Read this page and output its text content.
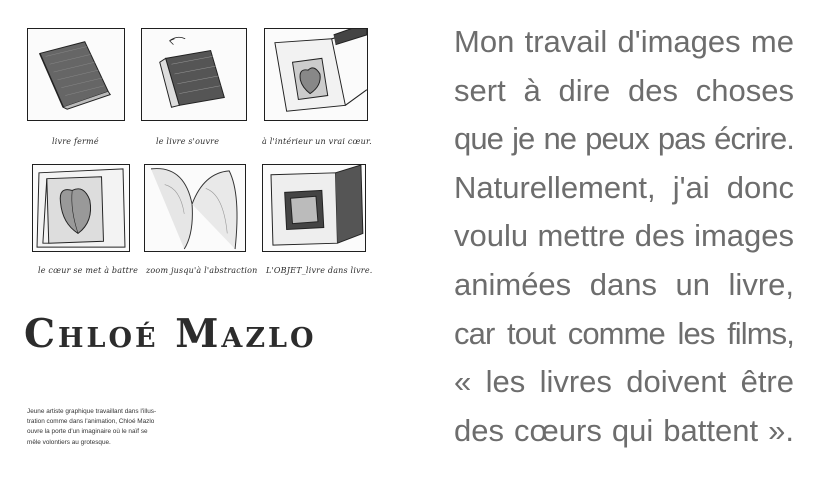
livre fermé	le livre s'ouvre	à l'intérieur un vrai cœur.
le cœur se met à battre zoom jusqu'à l'abstraction L'OBJET_livre dans livre.
Chloé Mazlo
Jeune artiste graphique travaillant dans l'illus-
tration comme dans l'animation, Chloé Mazlo
ouvre la porte d'un imaginaire où le naïf se
mêle volontiers au grotesque.
Mon travail d'images me
sert à dire des choses
que je ne peux pas écrire.
Naturellement, j'ai donc
voulu mettre des images
animées dans un livre,
car tout comme les films,
« les livres doivent être
des cœurs qui battent ».
